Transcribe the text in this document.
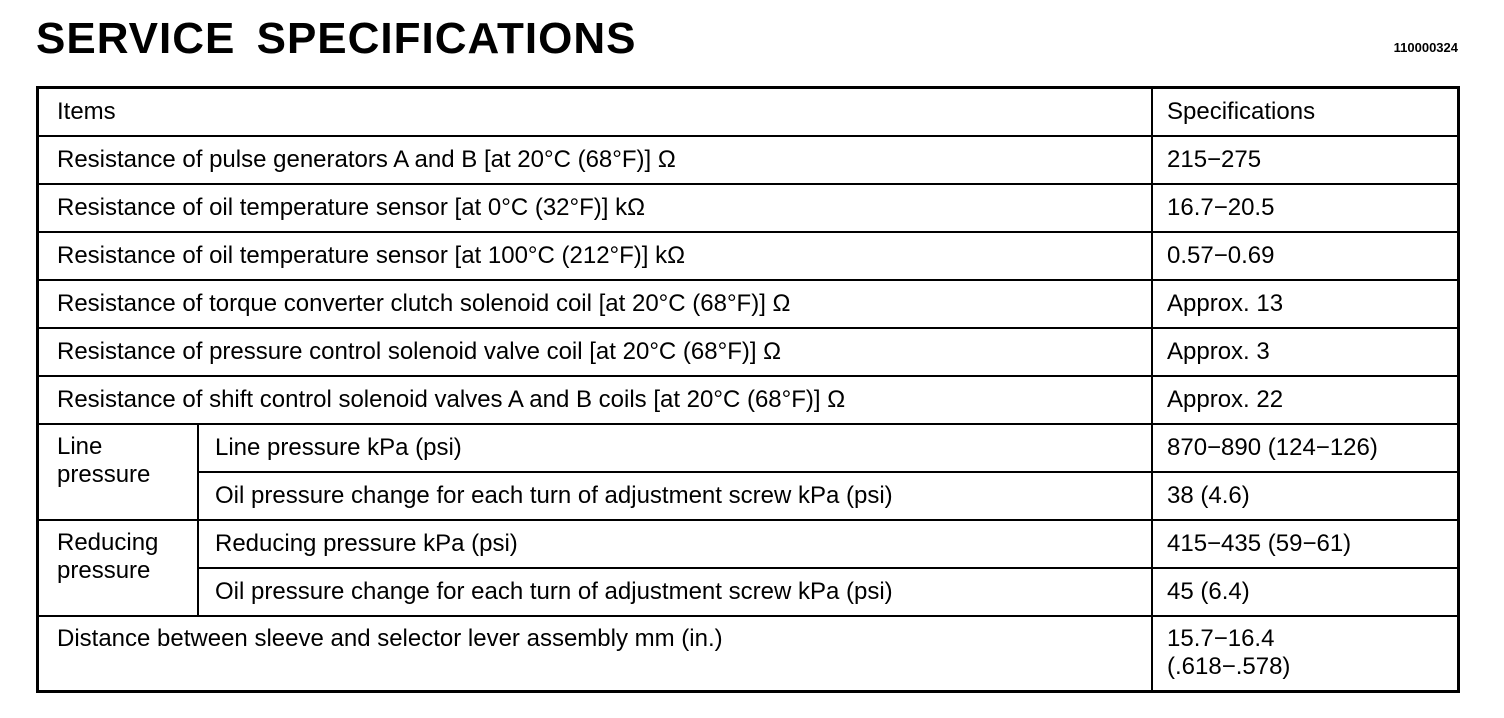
SERVICE SPECIFICATIONS	110000324
Items		Specifications
Resistance of pulse generators A and B [at 20°C (68°F)] Ω		215−275
Resistance of oil temperature sensor [at 0°C (32°F)] kΩ		16.7−20.5
Resistance of oil temperature sensor [at 100°C (212°F)] kΩ		0.57−0.69
Resistance of torque converter clutch solenoid coil [at 20°C (68°F)] Ω		Approx. 13
Resistance of pressure control solenoid valve coil [at 20°C (68°F)] Ω		Approx. 3
Resistance of shift control solenoid valves A and B coils [at 20°C (68°F)] Ω		Approx. 22

Line
pressure	Line pressure kPa (psi)	870−890 (124−126)
	Oil pressure change for each turn of adjustment screw kPa (psi)	38 (4.6)

Reducing
pressure	Reducing pressure kPa (psi)	415−435 (59−61)
	Oil pressure change for each turn of adjustment screw kPa (psi)	45 (6.4)
Distance between sleeve and selector lever assembly mm (in.)		15.7−16.4
(.618−.578)
